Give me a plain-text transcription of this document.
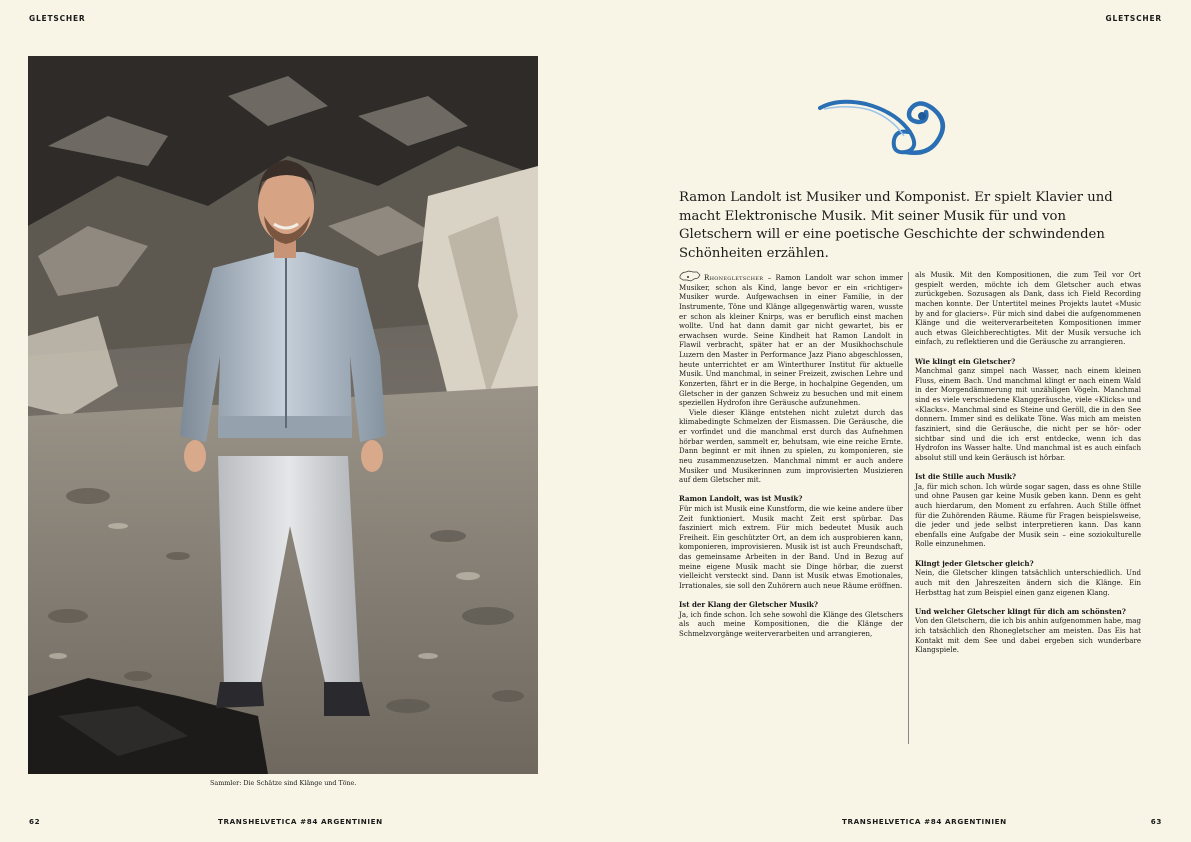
GLETSCHER	GLETSCHER
Sammler: Die Schätze sind Klänge und Töne.
Ramon Landolt ist Musiker und Komponist. Er spielt Klavier und macht Elektronische Musik. Mit seiner Musik für und von Gletschern will er eine poetische Geschichte der schwindenden Schönheiten erzählen.

Rhonegletscher – Ramon Landolt war schon immer Musiker, schon als Kind, lange bevor er ein «richtiger» Musiker wurde. Aufgewachsen in einer Familie, in der Instrumente, Töne und Klänge allgegenwärtig waren, wusste er schon als kleiner Knirps, was er beruflich einst machen wollte. Und hat dann damit gar nicht gewartet, bis er erwachsen wurde. Seine Kindheit hat Ramon Landolt in Flawil verbracht, später hat er an der Musikhochschule Luzern den Master in Performance Jazz Piano abgeschlossen, heute unterrichtet er am Winterthurer Institut für aktuelle Musik. Und manchmal, in seiner Freizeit, zwischen Lehre und Konzerten, fährt er in die Berge, in hochalpine Gegenden, um Gletscher in der ganzen Schweiz zu besuchen und mit einem speziellen Hydrofon ihre Geräusche aufzunehmen.

Viele dieser Klänge entstehen nicht zuletzt durch das klimabedingte Schmelzen der Eismassen. Die Geräusche, die er vorfindet und die manchmal erst durch das Aufnehmen hörbar werden, sammelt er, behutsam, wie eine reiche Ernte. Dann beginnt er mit ihnen zu spielen, zu komponieren, sie neu zusammenzusetzen. Manchmal nimmt er auch andere Musiker und Musikerinnen zum improvisierten Musizieren auf dem Gletscher mit.

Ramon Landolt, was ist Musik?

Für mich ist Musik eine Kunstform, die wie keine andere über Zeit funktioniert. Musik macht Zeit erst spürbar. Das fasziniert mich extrem. Für mich bedeutet Musik auch Freiheit. Ein geschützter Ort, an dem ich ausprobieren kann, komponieren, improvisieren. Musik ist ist auch Freundschaft, das gemeinsame Arbeiten in der Band. Und in Bezug auf meine eigene Musik macht sie Dinge hörbar, die zuerst vielleicht versteckt sind. Dann ist Musik etwas Emotionales, Irrationales, sie soll den Zuhörern auch neue Räume eröffnen.

Ist der Klang der Gletscher Musik?

Ja, ich finde schon. Ich sehe sowohl die Klänge des Gletschers als auch meine Kompositionen, die die Klänge der Schmelzvorgänge weiterverarbeiten und arrangieren,

als Musik. Mit den Kompositionen, die zum Teil vor Ort gespielt werden, möchte ich dem Gletscher auch etwas zurückgeben. Sozusagen als Dank, dass ich Field Recording machen konnte. Der Untertitel meines Projekts lautet «Music by and for glaciers». Für mich sind dabei die aufgenommenen Klänge und die weiterverarbeiteten Kompositionen immer auch etwas Gleichberechtigtes. Mit der Musik versuche ich einfach, zu reflektieren und die Geräusche zu arrangieren.

Wie klingt ein Gletscher?

Manchmal ganz simpel nach Wasser, nach einem kleinen Fluss, einem Bach. Und manchmal klingt er nach einem Wald in der Morgendämmerung mit unzähligen Vögeln. Manchmal sind es viele verschiedene Klanggeräusche, viele «Klicks» und «Klacks». Manchmal sind es Steine und Geröll, die in den See donnern. Immer sind es delikate Töne. Was mich am meisten fasziniert, sind die Geräusche, die nicht per se hör- oder sichtbar sind und die ich erst entdecke, wenn ich das Hydrofon ins Wasser halte. Und manchmal ist es auch einfach absolut still und kein Geräusch ist hörbar.

Ist die Stille auch Musik?

Ja, für mich schon. Ich würde sogar sagen, dass es ohne Stille und ohne Pausen gar keine Musik geben kann. Denn es geht auch hierdarum, den Moment zu erfahren. Auch Stille öffnet für die Zuhörenden Räume. Räume für Fragen beispielsweise, die jeder und jede selbst interpretieren kann. Das kann ebenfalls eine Aufgabe der Musik sein – eine soziokulturelle Rolle einzunehmen.

Klingt jeder Gletscher gleich?

Nein, die Gletscher klingen tatsächlich unterschiedlich. Und auch mit den Jahreszeiten ändern sich die Klänge. Ein Herbsttag hat zum Beispiel einen ganz eigenen Klang.

Und welcher Gletscher klingt für dich am schönsten?

Von den Gletschern, die ich bis anhin aufgenommen habe, mag ich tatsächlich den Rhonegletscher am meisten. Das Eis hat Kontakt mit dem See und dabei ergeben sich wunderbare Klangspiele.

62	TRANSHELVETICA #84 ARGENTINIEN	TRANSHELVETICA #84 ARGENTINIEN	63
